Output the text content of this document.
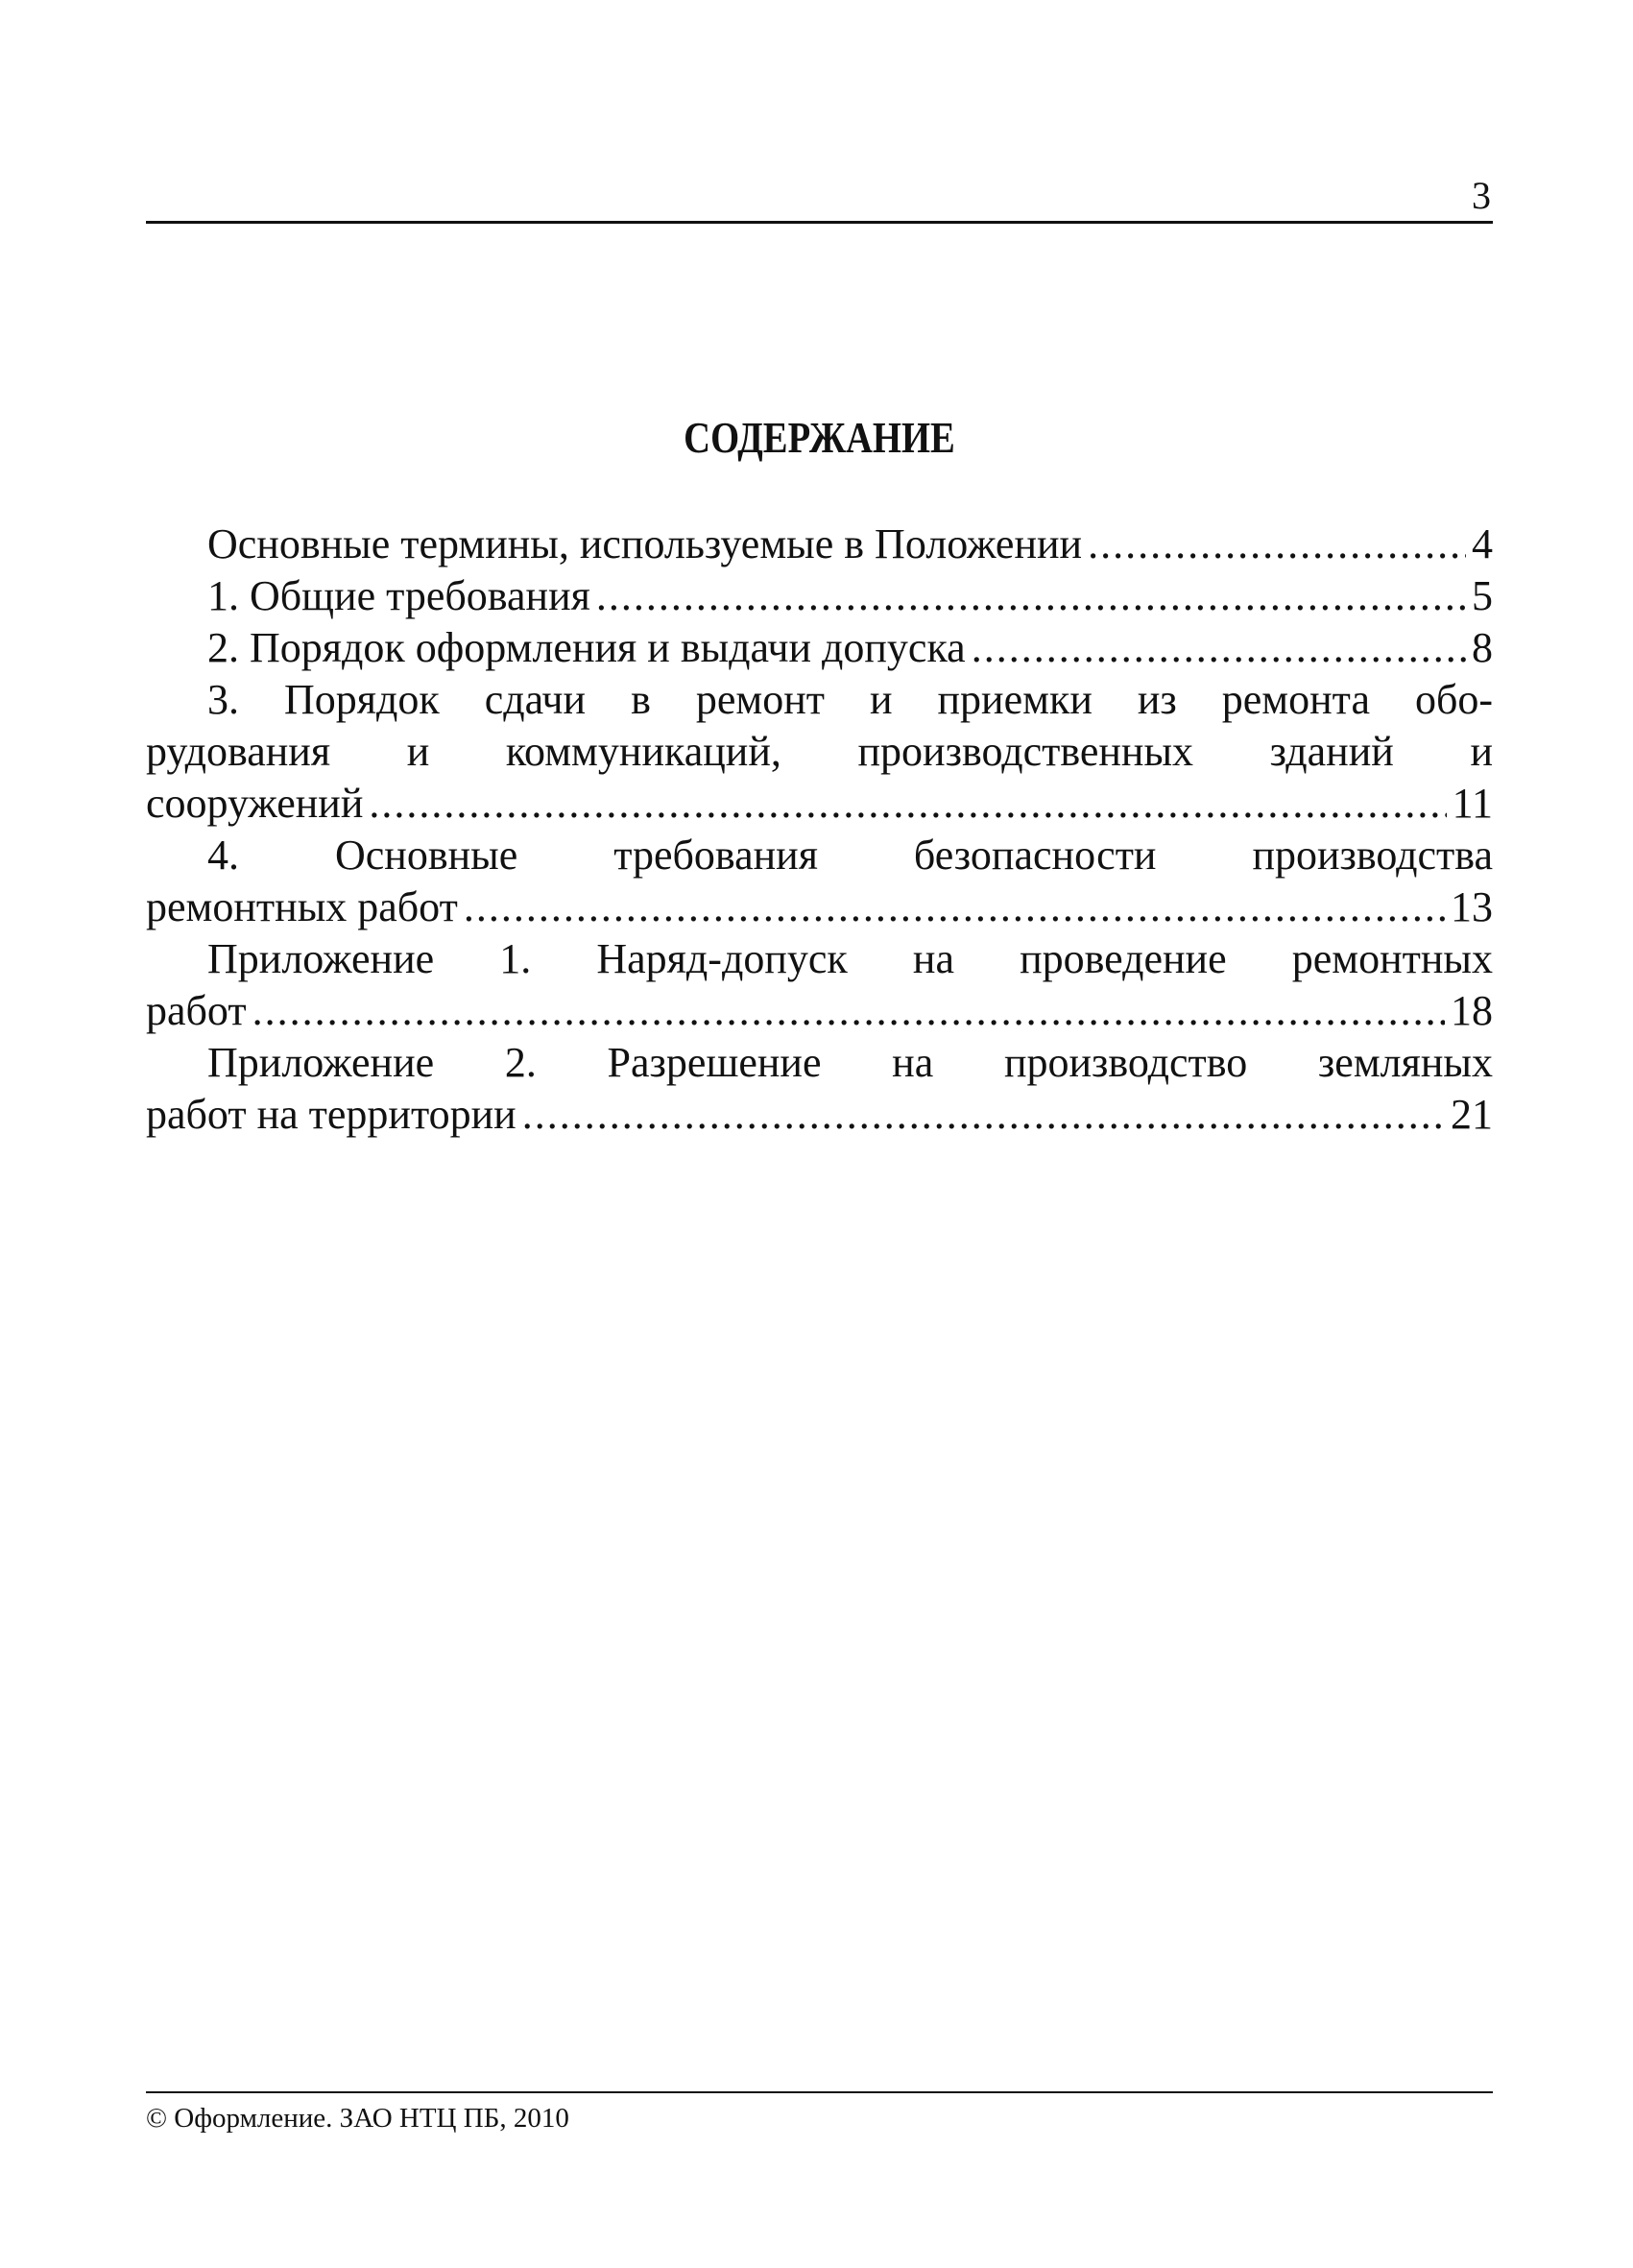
3
СОДЕРЖАНИЕ
Основные термины, используемые в Положении .....	4
1. Общие требования .....	5
2. Порядок оформления и выдачи допуска .....	8
3. Порядок сдачи в ремонт и приемки из ремонта обо-
рудования и коммуникаций, производственных зданий и
сооружений .....	11
4. Основные требования безопасности производства
ремонтных работ .....	13
Приложение 1. Наряд-допуск на проведение ремонтных
работ .....	18
Приложение 2. Разрешение на производство земляных
работ на территории .....	21
© Оформление. ЗАО НТЦ ПБ, 2010
